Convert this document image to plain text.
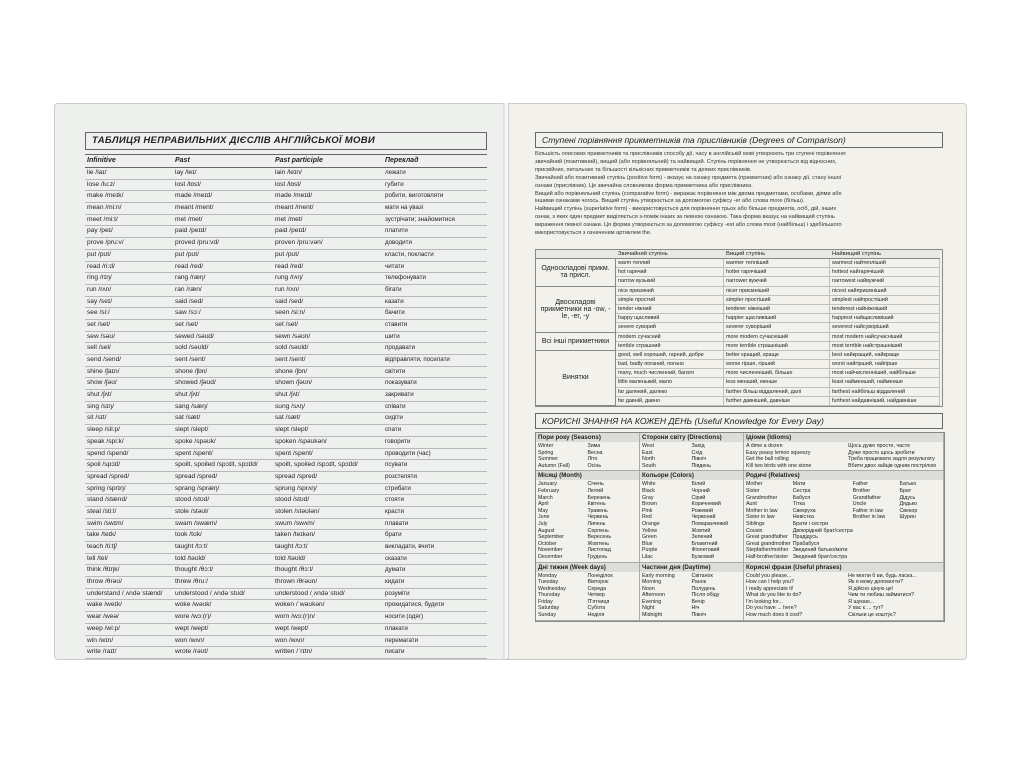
ТАБЛИЦЯ НЕПРАВИЛЬНИХ ДІЄСЛІВ АНГЛІЙСЬКОЇ МОВИ
Infinitive	Past	Past participle	Переклад
lie /laɪ/	lay /leɪ/	lain /leɪn/	лежати
lose /lu:z/	lost /lɒst/	lost /lɒst/	губити
make /meɪk/	made /meɪd/	made /meɪd/	робити, виготовляти
mean /mi:n/	meant /ment/	meant /ment/	мати на увазі
meet /mi:t/	met /met/	met /met/	зустрічати; знайомитися
pay /peɪ/	paid /peɪd/	paid /peɪd/	платити
prove /pru:v/	proved /pru:vd/	proven /pru:vən/	доводити
put /pʊt/	put /pʊt/	put /pʊt/	класти, покласти
read /ri:d/	read /red/	read /red/	читати
ring /rɪŋ/	rang /ræŋ/	rung /rʌŋ/	телефонувати
run /rʌn/	ran /ræn/	run /rʌn/	бігати
say /seɪ/	said /sed/	said /sed/	казати
see /si:/	saw /sɔ:/	seen /si:n/	бачити
set /set/	set /set/	set /set/	ставити
sew /səʊ/	sewed /səʊd/	sewn /səʊn/	шити
sell /sel/	sold /səʊld/	sold /səʊld/	продавати
send /send/	sent /sent/	sent /sent/	відправляти, посилати
shine /ʃaɪn/	shone /ʃɒn/	shone /ʃɒn/	світити
show /ʃəʊ/	showed /ʃəʊd/	shown /ʃəʊn/	показувати
shut /ʃʌt/	shut /ʃʌt/	shut /ʃʌt/	закривати
sing /sɪŋ/	sang /sæŋ/	sung /sʌŋ/	співати
sit /sɪt/	sat /sæt/	sat /sæt/	сидіти
sleep /sli:p/	slept /slept/	slept /slept/	спати
speak /spi:k/	spoke /spəʊk/	spoken /spəʊkən/	говорити
spend /spend/	spent /spent/	spent /spent/	проводити (час)
spoil /spɔɪl/	spoilt, spoiled /spɔɪlt, spɔɪld/	spoilt, spoiled /spɔɪlt, spɔɪld/	псувати
spread /spred/	spread /spred/	spread /spred/	розстеляти
spring /sprɪŋ/	sprang /spræŋ/	sprung /sprʌŋ/	стрибати
stand /stænd/	stood /stʊd/	stood /stʊd/	стояти
steal /sti:l/	stole /stəʊl/	stolen /stəʊlən/	красти
swim /swɪm/	swam /swæm/	swum /swʌm/	плавати
take /teɪk/	took /tʊk/	taken /teɪkən/	брати
teach /ti:tʃ/	taught /tɔ:t/	taught /tɔ:t/	викладати, вчити
tell /tel/	told /təʊld/	told /təʊld/	сказати
think /θɪŋk/	thought /θɔ:t/	thought /θɔ:t/	думати
throw /θrəʊ/	threw /θru:/	thrown /θrəʊn/	кидати
understand /ˌʌndəˈstænd/	understood /ˌʌndəˈstʊd/	understood /ˌʌndəˈstʊd/	розуміти
wake /weɪk/	woke /wəʊk/	woken /ˈwəʊkən/	прокидатися, будити
wear /weə/	wore /wɔ:(r)/	worn /wɔ:(r)n/	носити (одяг)
weep /wi:p/	wept /wept/	wept /wept/	плакати
win /wɪn/	won /wʌn/	won /wʌn/	перемагати
write /raɪt/	wrote /rəʊt/	written /ˈrɪtn/	писати
Ступені порівняння прикметників та прислівників (Degrees of Comparison)
Більшість описових прикметників та прислівників способу дії, часу в англійській мові утворюють три ступені порівняння:
звичайний (позитивний), вищий (або порівняльний) та найвищий. Ступінь порівняння не утворюється від відносних,
присвійних, питальних та більшості кількісних прикметників та деяких прислівників.
Звичайний або позитивний ступінь (positive form) - вказує на ознаку предмета (прикметник) або ознаку дії, стану іншої
ознаки (прислівник). Це звичайна словникова форма прикметника або прислівника.
Вищий або порівняльний ступінь (comparative form) - виражає порівняння між двома предметами, особами, діями або
іншими ознаками чогось. Вищий ступінь утворюється за допомогою суфіксу -er або слова more (більш).
Найвищий ступінь (superlative form) - використовується для порівняння трьох або більше предметів, осіб, дій, інших
ознак, з яких один предмет виділяється з-поміж інших за певною ознакою. Така форма вказує на найвищий ступінь
вираження певної ознаки. Ця форма утворюється за допомогою суфіксу -est або слова most (найбільш) і здебільшого
використовується з означеним артиклем the.
Звичайний ступінь	Вищий ступінь	Найвищий ступінь
Односкладові прикм. та присл.
warm теплий	warmer тепліший	warmest найтепліший
hot гарячий	hotter гарячіший	hottest найгарячіший
narrow вузький	narrower вужчий	narrowest найвужчий
Двоскладові прикметники на -ow, -le, -er, -y
nice приємний	nicer приємніший	nicest найприємніший
simple простий	simpler простіший	simplest найпростіший
tender ніжний	tenderer ніжніший	tenderest найніжніший
happy щасливий	happier щасливіший	happiest найщасливіший
severe суворий	severer суворіший	severest найсуворіший
Всі інші прикметники
modern сучасний	more modern сучасніший	most modern найсучасніший
terrible страшний	more terrible страшніший	most terrible найстрашніший
Винятки
good, well хороший, гарний, добре	better кращий, краще	best найкращий, найкраще
bad, badly поганий, погано	worse гірше, гірший	worst найгірший, найгірше
many, much численний, багато	more численніший, більше	most найчисленніший, найбільше
little маленький, мало	less менший, менше	least найменший, найменше
far далекий, далеко	farther більш віддалений, далі	farthest найбільш віддалений
far давній, давно	further давніший, давніше	furthest найдавніший, найдавніше
КОРИСНІ ЗНАННЯ НА КОЖЕН ДЕНЬ (Useful Knowledge for Every Day)
Пори року (Seasons)
Winter	Зима
Spring	Весна
Summer	Літо
Autumn (Fall)	Осінь
Сторони світу (Directions)
West	Захід
East	Схід
North	Північ
South	Південь
Ідіоми (Idioms)
A dime a dozen	Щось дуже просте, часте
Easy peasy lemon squeezy	Дуже просто щось зробити
Get the ball rolling	Треба працювати задля результату
Kill two birds with one stone	Вбити двох зайців одним пострілом
Місяці (Month)
January	Січень
February	Лютий
March	Березень
April	Квітень
May	Травень
June	Червень
July	Липень
August	Серпень
September	Вересень
October	Жовтень
November	Листопад
December	Грудень
Кольори (Colors)
White	Білий
Black	Чорний
Gray	Сірий
Brown	Коричневий
Pink	Рожевий
Red	Червоний
Orange	Помаранчевий
Yellow	Жовтий
Green	Зелений
Blue	Блакитний
Purple	Фіолетовий
Lilac	Бузковий
Родичі (Relatives)
Mother	Мати	Father	Батько
Sister	Сестра	Brother	Брат
Grandmother	Бабуся	Grandfather	Дідусь
Aunt	Тітка	Uncle	Дядько
Mother in law	Свекруха	Father in law	Свекор
Sister in law	Невістка	Brother in law	Шурин
Siblings	Брати і сестри
Cousin	Двоюрідний брат/сестра
Great grandfather Прадідусь
Great grandmother Прабабуся
Stepfather/mother Зведений батько/мати
Half-brother/sister Зведений брат/сестра
Дні тижня (Week days)
Monday	Понеділок
Tuesday	Вівторок
Wednesday	Середа
Thursday	Четвер
Friday	П'ятниця
Saturday	Субота
Sunday	Неділя
Частини дня (Daytime)
Early morning	Світанок
Morning	Ранок
Noon	Полудень
Afternoon	Після обіду
Evening	Вечір
Night	Ніч
Midnight	Північ
Корисні фрази (Useful phrases)
Could you please...	Не могли б ви, будь ласка...
How can I help you?	Як я можу допомогти?
I really appreciate it!	Я дійсно ціную це!
What do you like to do?	Чим ти любиш займатися?
I'm looking for...	Я шукаю...
Do you have ... here?	У вас є ... тут?
How much does it cost?	Скільки це коштує?
